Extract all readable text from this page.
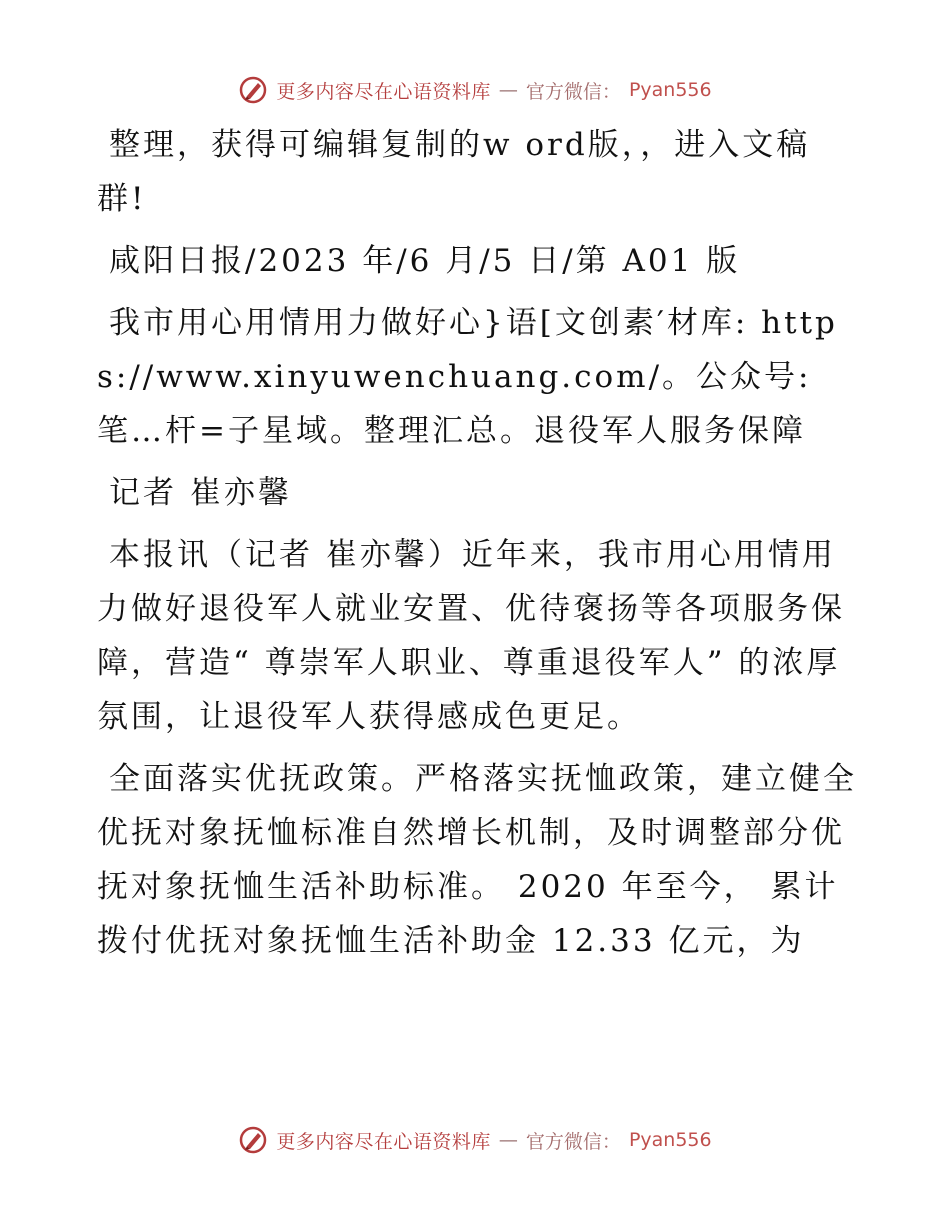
更多内容尽在心语资料库 — 官方微信： Pyan556

整理，获得可编辑复制的w ord版，，进入文稿群!

咸阳日报/2023 年/6 月/5 日/第 A01 版

我市用心用情用力做好心}语[文创素′材库: https://www.xinyuwenchuang.com/。公众号: 笔…杆=子星域。整理汇总。退役军人服务保障

记者 崔亦馨

本报讯（记者 崔亦馨）近年来，我市用心用情用力做好退役军人就业安置、优待褒扬等各项服务保障，营造“ 尊崇军人职业、尊重退役军人” 的浓厚氛围，让退役军人获得感成色更足。

全面落实优抚政策。严格落实抚恤政策，建立健全优抚对象抚恤标准自然增长机制，及时调整部分优抚对象抚恤生活补助标准。 2020 年至今， 累计拨付优抚对象抚恤生活补助金 12.33 亿元，为

更多内容尽在心语资料库 — 官方微信： Pyan556
